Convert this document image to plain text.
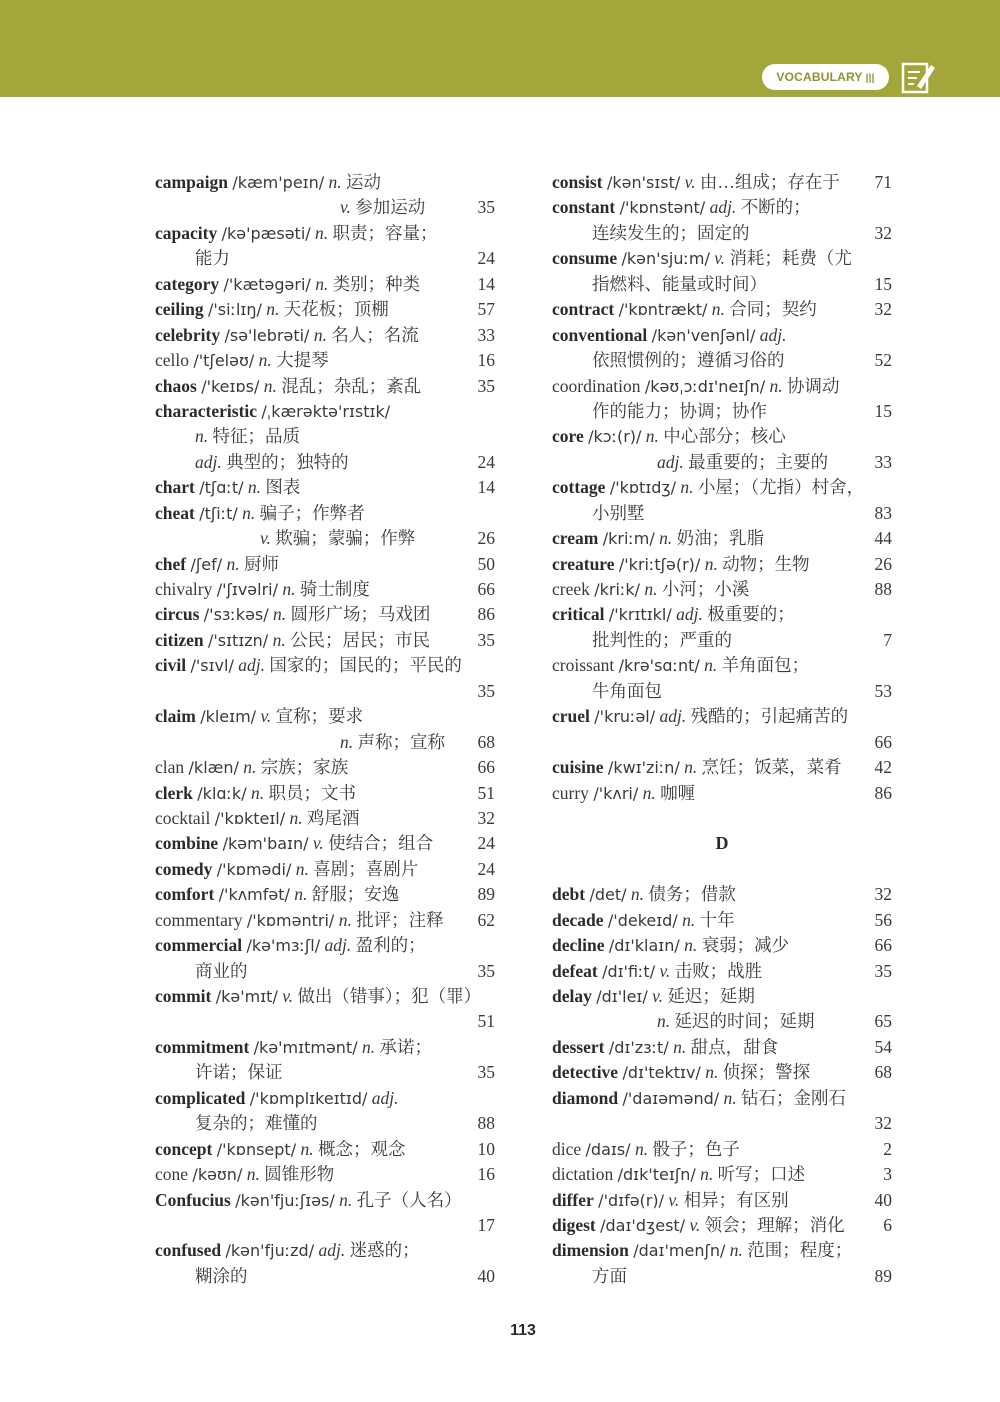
VOCABULARY |||
campaign /kæm'peɪn/ n. 运动
v. 参加运动	35
capacity /kə'pæsəti/ n. 职责；容量；
能力	24
category /'kætəgəri/ n. 类别；种类	14
ceiling /'siːlɪŋ/ n. 天花板；顶棚	57
celebrity /sə'lebrəti/ n. 名人；名流	33
cello /'tʃeləʊ/ n. 大提琴	16
chaos /'keɪɒs/ n. 混乱；杂乱；紊乱	35
characteristic /ˌkærəktə'rɪstɪk/
n. 特征；品质
adj. 典型的；独特的	24
chart /tʃɑːt/ n. 图表	14
cheat /tʃiːt/ n. 骗子；作弊者
v. 欺骗；蒙骗；作弊	26
chef /ʃef/ n. 厨师	50
chivalry /'ʃɪvəlri/ n. 骑士制度	66
circus /'sɜːkəs/ n. 圆形广场；马戏团	86
citizen /'sɪtɪzn/ n. 公民；居民；市民	35
civil /'sɪvl/ adj. 国家的；国民的；平民的
35
claim /kleɪm/ v. 宣称；要求
n. 声称；宣称 68
clan /klæn/ n. 宗族；家族	66
clerk /klɑːk/ n. 职员；文书	51
cocktail /'kɒkteɪl/ n. 鸡尾酒	32
combine /kəm'baɪn/ v. 使结合；组合	24
comedy /'kɒmədi/ n. 喜剧；喜剧片	24
comfort /'kʌmfət/ n. 舒服；安逸	89
commentary /'kɒməntri/ n. 批评；注释 62
commercial /kə'mɜːʃl/ adj. 盈利的；
商业的	35
commit /kə'mɪt/ v. 做出（错事）；犯（罪）
51
commitment /kə'mɪtmənt/ n. 承诺；
许诺；保证	35
complicated /'kɒmplɪkeɪtɪd/ adj.
复杂的；难懂的	88
concept /'kɒnsept/ n. 概念；观念	10
cone /kəʊn/ n. 圆锥形物	16
Confucius /kən'fjuːʃɪəs/ n. 孔子（人名）
17
confused /kən'fjuːzd/ adj. 迷惑的；
糊涂的	40
consist /kən'sɪst/ v. 由…组成；存在于 71
constant /'kɒnstənt/ adj. 不断的；
连续发生的；固定的	32
consume /kən'sjuːm/ v. 消耗；耗费（尤
指燃料、能量或时间）	15
contract /'kɒntrækt/ n. 合同；契约	32
conventional /kən'venʃənl/ adj.
依照惯例的；遵循习俗的	52
coordination /kəʊˌɔːdɪ'neɪʃn/ n. 协调动
作的能力；协调；协作	15
core /kɔː(r)/ n. 中心部分；核心
adj. 最重要的；主要的	33
cottage /'kɒtɪdʒ/ n. 小屋；（尤指）村舍，
小别墅	83
cream /kriːm/ n. 奶油；乳脂	44
creature /'kriːtʃə(r)/ n. 动物；生物	26
creek /kriːk/ n. 小河；小溪	88
critical /'krɪtɪkl/ adj. 极重要的；
批判性的；严重的	7
croissant /krə'sɑːnt/ n. 羊角面包；
牛角面包	53
cruel /'kruːəl/ adj. 残酷的；引起痛苦的
66
cuisine /kwɪ'ziːn/ n. 烹饪；饭菜，菜肴 42
curry /'kʌri/ n. 咖喱	86
D
debt /det/ n. 债务；借款	32
decade /'dekeɪd/ n. 十年	56
decline /dɪ'klaɪn/ n. 衰弱；减少	66
defeat /dɪ'fiːt/ v. 击败；战胜	35
delay /dɪ'leɪ/ v. 延迟；延期
n. 延迟的时间；延期	65
dessert /dɪ'zɜːt/ n. 甜点，甜食	54
detective /dɪ'tektɪv/ n. 侦探；警探	68
diamond /'daɪəmənd/ n. 钻石；金刚石
32
dice /daɪs/ n. 骰子；色子	2
dictation /dɪk'teɪʃn/ n. 听写；口述	3
differ /'dɪfə(r)/ v. 相异；有区别	40
digest /daɪ'dʒest/ v. 领会；理解；消化 6
dimension /daɪ'menʃn/ n. 范围；程度；
方面	89
113
